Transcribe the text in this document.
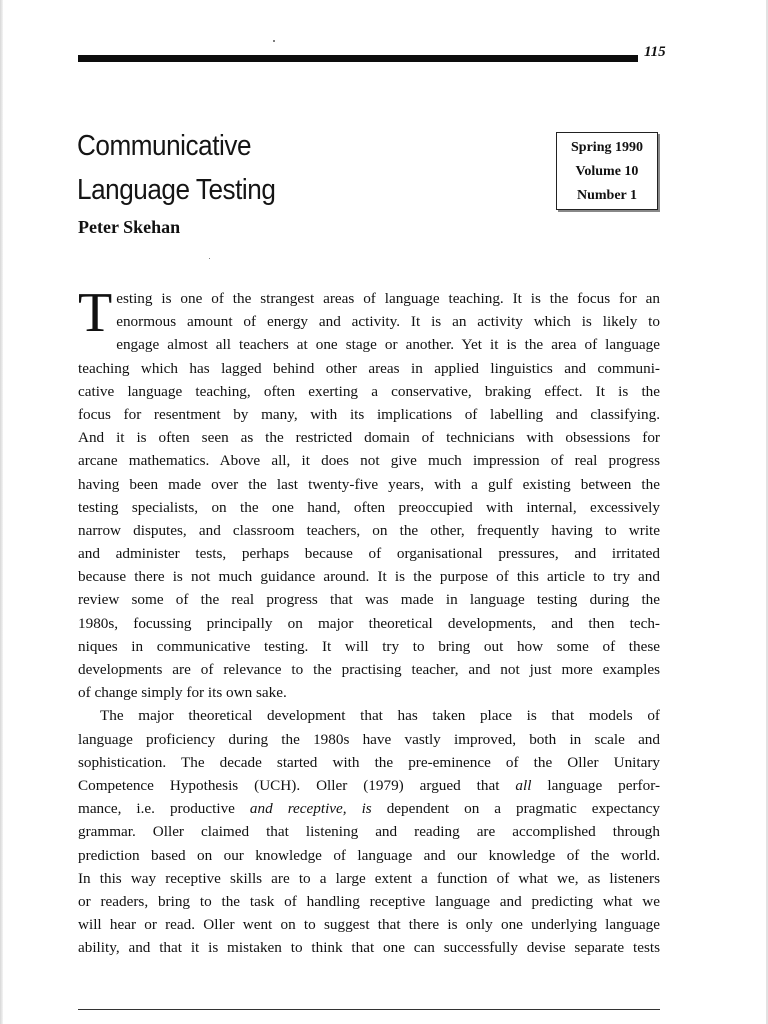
115
Communicative
Language Testing
Peter Skehan
Spring 1990
Volume 10
Number 1
T esting is one of the strangest areas of language teaching. It is the focus for an
enormous amount of energy and activity. It is an activity which is likely to
engage almost all teachers at one stage or another. Yet it is the area of language
teaching which has lagged behind other areas in applied linguistics and communi-
cative language teaching, often exerting a conservative, braking effect. It is the
focus for resentment by many, with its implications of labelling and classifying.
And it is often seen as the restricted domain of technicians with obsessions for
arcane mathematics. Above all, it does not give much impression of real progress
having been made over the last twenty-five years, with a gulf existing between the
testing specialists, on the one hand, often preoccupied with internal, excessively
narrow disputes, and classroom teachers, on the other, frequently having to write
and administer tests, perhaps because of organisational pressures, and irritated
because there is not much guidance around. It is the purpose of this article to try and
review some of the real progress that was made in language testing during the
1980s, focussing principally on major theoretical developments, and then tech-
niques in communicative testing. It will try to bring out how some of these
developments are of relevance to the practising teacher, and not just more examples
of change simply for its own sake.
The major theoretical development that has taken place is that models of
language proficiency during the 1980s have vastly improved, both in scale and
sophistication. The decade started with the pre-eminence of the Oller Unitary
Competence Hypothesis (UCH). Oller (1979) argued that all language perfor-
mance, i.e. productive and receptive, is dependent on a pragmatic expectancy
grammar. Oller claimed that listening and reading are accomplished through
prediction based on our knowledge of language and our knowledge of the world.
In this way receptive skills are to a large extent a function of what we, as listeners
or readers, bring to the task of handling receptive language and predicting what we
will hear or read. Oller went on to suggest that there is only one underlying language
ability, and that it is mistaken to think that one can successfully devise separate tests
